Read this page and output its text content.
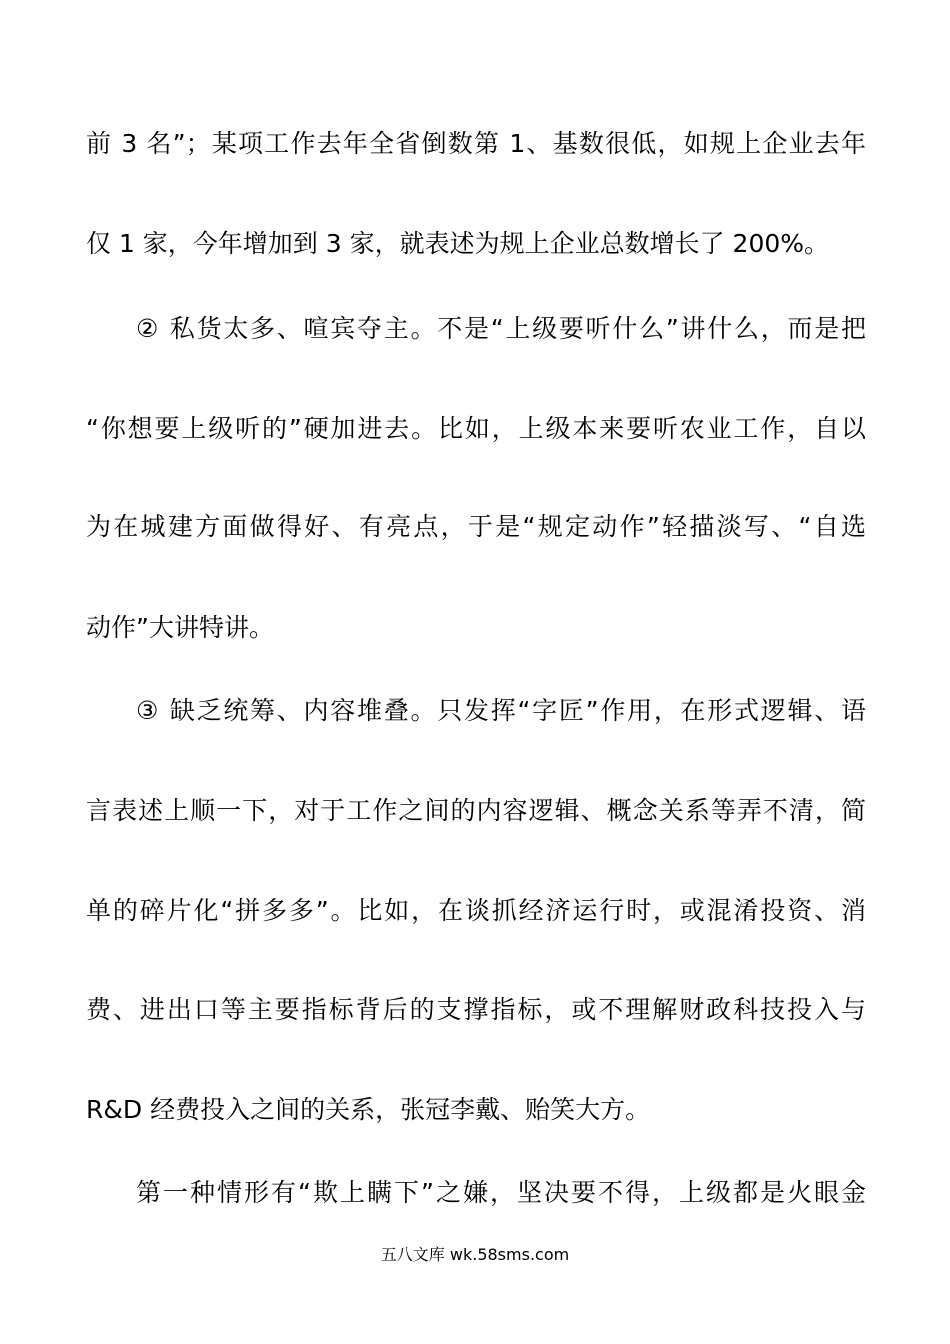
前 3 名”；某项工作去年全省倒数第 1、基数很低，如规上企业去年
仅 1 家，今年增加到 3 家，就表述为规上企业总数增长了 200%。
② 私货太多、喧宾夺主。不是“上级要听什么”讲什么，而是把
“你想要上级听的”硬加进去。比如，上级本来要听农业工作，自以
为在城建方面做得好、有亮点，于是“规定动作”轻描淡写、“自选
动作”大讲特讲。
③ 缺乏统筹、内容堆叠。只发挥“字匠”作用，在形式逻辑、语
言表述上顺一下，对于工作之间的内容逻辑、概念关系等弄不清，简
单的碎片化“拼多多”。比如，在谈抓经济运行时，或混淆投资、消
费、进出口等主要指标背后的支撑指标，或不理解财政科技投入与
R&D 经费投入之间的关系，张冠李戴、贻笑大方。
第一种情形有“欺上瞒下”之嫌，坚决要不得，上级都是火眼金
五八文库 wk.58sms.com
